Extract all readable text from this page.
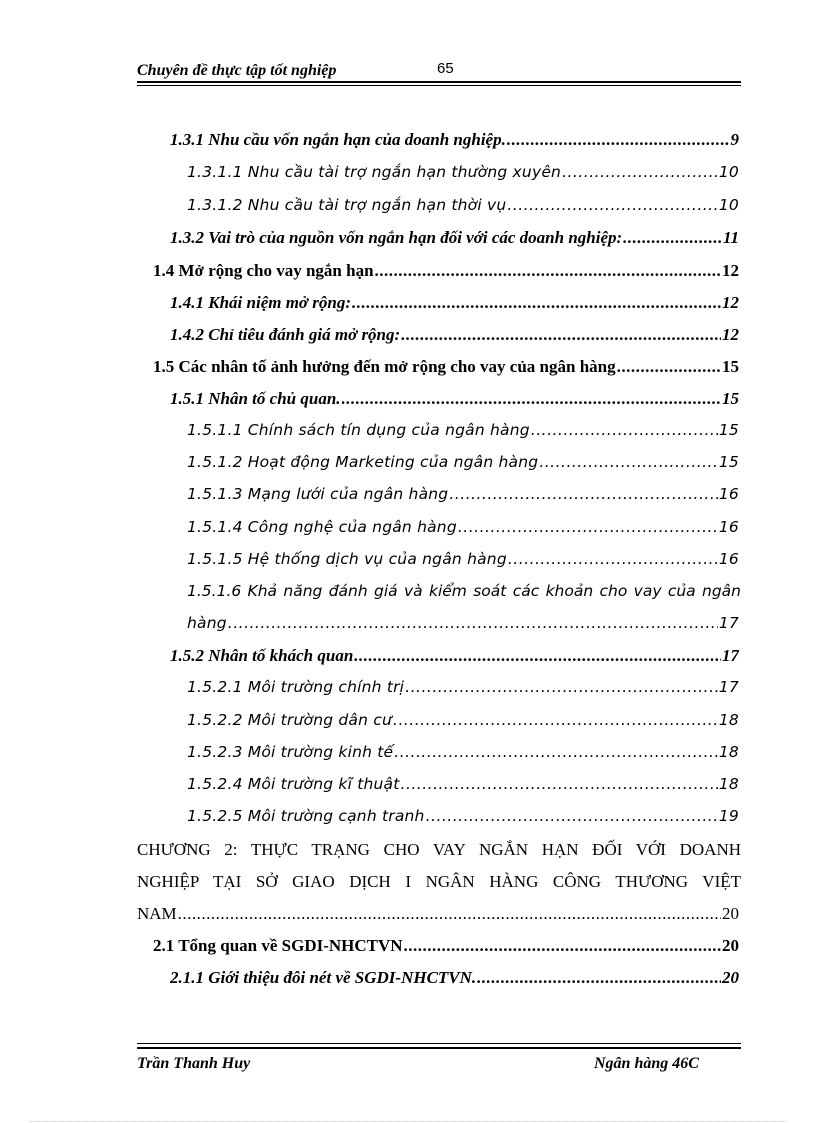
Chuyên đề thực tập tốt nghiệp	65
1.3.1 Nhu cầu vốn ngắn hạn của doanh nghiệp. .....	9
1.3.1.1 Nhu cầu tài trợ ngắn hạn thường xuyên .....	10
1.3.1.2 Nhu cầu tài trợ ngắn hạn thời vụ .....	10
1.3.2 Vai trò của nguồn vốn ngắn hạn đối với các doanh nghiệp: .....	11
1.4 Mở rộng cho vay ngắn hạn .....	12
1.4.1 Khái niệm mở rộng: .....	12
1.4.2 Chỉ tiêu đánh giá mở rộng: .....	12
1.5 Các nhân tố ảnh hưởng đến mở rộng cho vay của ngân hàng .....	15
1.5.1 Nhân tố chủ quan. .....	15
1.5.1.1 Chính sách tín dụng của ngân hàng .....	15
1.5.1.2 Hoạt động Marketing của ngân hàng .....	15
1.5.1.3 Mạng lưới của ngân hàng .....	16
1.5.1.4 Công nghệ của ngân hàng .....	16
1.5.1.5 Hệ thống dịch vụ của ngân hàng .....	16
1.5.1.6 Khả năng đánh giá và kiểm soát các khoản cho vay của ngân
hàng .....	17
1.5.2 Nhân tố khách quan .....	17
1.5.2.1 Môi trường chính trị .....	17
1.5.2.2 Môi trường dân cư .....	18
1.5.2.3 Môi trường kinh tế .....	18
1.5.2.4 Môi trường kĩ thuật .....	18
1.5.2.5 Môi trường cạnh tranh .....	19
CHƯƠNG 2: THỰC TRẠNG CHO VAY NGẮN HẠN ĐỐI VỚI DOANH
NGHIỆP TẠI SỞ GIAO DỊCH I NGÂN HÀNG CÔNG THƯƠNG VIỆT
NAM .....	20
2.1 Tổng quan về SGDI-NHCTVN .....	20
2.1.1 Giới thiệu đôi nét về SGDI-NHCTVN. .....	20
Trần Thanh Huy	Ngân hàng 46C
